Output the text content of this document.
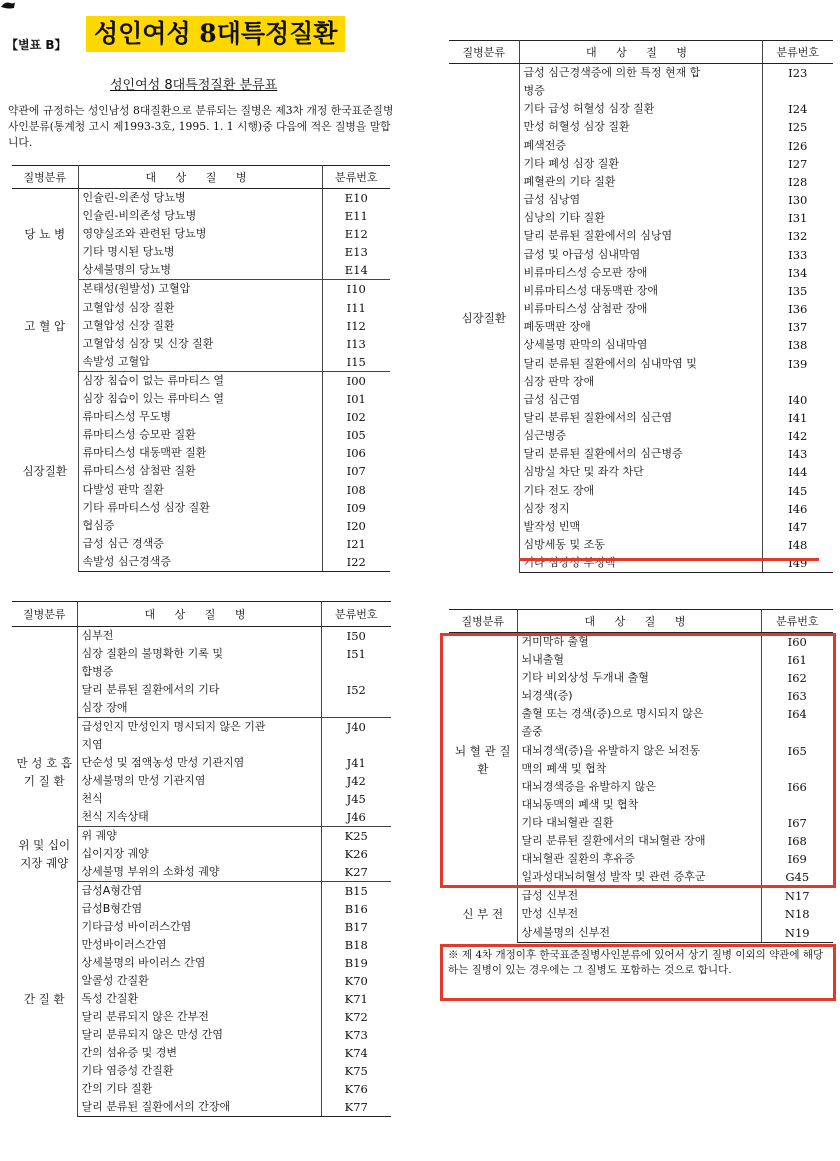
【별표 B】	성인여성 8대특정질환
성인여성 8대특정질환 분류표
약관에 규정하는 성인남성 8대질환으로 분류되는 질병은 제3차 개정 한국표준질병사인분류(통계청 고시 제1993-3호, 1995. 1. 1 시행)중 다음에 적은 질병을 말합니다.
질병분류	대 상 질 병	분류번호
당 뇨 병	인슐린-의존성 당뇨병	E10
	인슐린-비의존성 당뇨병	E11
	영양실조와 관련된 당뇨병	E12
	기타 명시된 당뇨병	E13
	상세불명의 당뇨병	E14
고 혈 압	본태성(원발성) 고혈압	I10
	고혈압성 심장 질환	I11
	고혈압성 신장 질환	I12
	고혈압성 심장 및 신장 질환	I13
	속발성 고혈압	I15
심장질환	심장 침습이 없는 류마티스 열	I00
	심장 침습이 있는 류마티스 열	I01
	류마티스성 무도병	I02
	류마티스성 승모판 질환	I05
	류마티스성 대동맥판 질환	I06
	류마티스성 삼첨판 질환	I07
	다발성 판막 질환	I08
	기타 류마티스성 심장 질환	I09
	협심증	I20
	급성 심근 경색증	I21
	속발성 심근경색증	I22
질병분류	대 상 질 병	분류번호
심장질환	급성 심근경색증에 의한 특정 현재 합	I23
	병증	
	기타 급성 허혈성 심장 질환	I24
	만성 허혈성 심장 질환	I25
	폐색전증	I26
	기타 폐성 심장 질환	I27
	폐혈관의 기타 질환	I28
	급성 심낭염	I30
	심낭의 기타 질환	I31
	달리 분류된 질환에서의 심낭염	I32
	급성 및 아급성 심내막염	I33
	비류마티스성 승모판 장애	I34
	비류마티스성 대동맥판 장애	I35
	비류마티스성 삼첨판 장애	I36
	폐동맥판 장애	I37
	상세불명 판막의 심내막염	I38
	달리 분류된 질환에서의 심내막염 및	I39
	심장 판막 장애	
	급성 심근염	I40
	달리 분류된 질환에서의 심근염	I41
	심근병증	I42
	달리 분류된 질환에서의 심근병증	I43
	심방실 차단 및 좌각 차단	I44
	기타 전도 장애	I45
	심장 정지	I46
	발작성 빈맥	I47
	심방세동 및 조동	I48
	기타 심장성 부정맥	I49
질병분류	대 상 질 병	분류번호
	심부전	I50
	심장 질환의 불명확한 기록 및	I51
	합병증	
	달리 분류된 질환에서의 기타	I52
	심장 장애	
만 성 호 흡 기 질 환	급성인지 만성인지 명시되지 않은 기관	J40
	지염	
	단순성 및 점액농성 만성 기관지염	J41
	상세불명의 만성 기관지염	J42
	천식	J45
	천식 지속상태	J46
위 및 십이 지장 궤양	위 궤양	K25
	십이지장 궤양	K26
	상세불명 부위의 소화성 궤양	K27
간 질 환	급성A형간염	B15
	급성B형간염	B16
	기타급성 바이러스간염	B17
	만성바이러스간염	B18
	상세불명의 바이러스 간염	B19
	알콜성 간질환	K70
	독성 간질환	K71
	달리 분류되지 않은 간부전	K72
	달리 분류되지 않은 만성 간염	K73
	간의 섬유증 및 경변	K74
	기타 염증성 간질환	K75
	간의 기타 질환	K76
	달리 분류된 질환에서의 간장애	K77
질병분류	대 상 질 병	분류번호
뇌 혈 관 질 환	거미막하 출혈	I60
	뇌내출혈	I61
	기타 비외상성 두개내 출혈	I62
	뇌경색(증)	I63
	출혈 또는 경색(증)으로 명시되지 않은	I64
	졸중	
	대뇌경색(증)을 유발하지 않은 뇌전동	I65
	맥의 폐색 및 협착	
	대뇌경색증을 유발하지 않은	I66
	대뇌동맥의 폐색 및 협착	
	기타 대뇌혈관 질환	I67
	달리 분류된 질환에서의 대뇌혈관 장애	I68
	대뇌혈관 질환의 후유증	I69
	일과성대뇌허혈성 발작 및 관련 증후군	G45
신 부 전	급성 신부전	N17
	만성 신부전	N18
	상세불명의 신부전	N19
※ 제 4차 개정이후 한국표준질병사인분류에 있어서 상기 질병 이외의 약관에 해당하는 질병이 있는 경우에는 그 질병도 포함하는 것으로 합니다.
